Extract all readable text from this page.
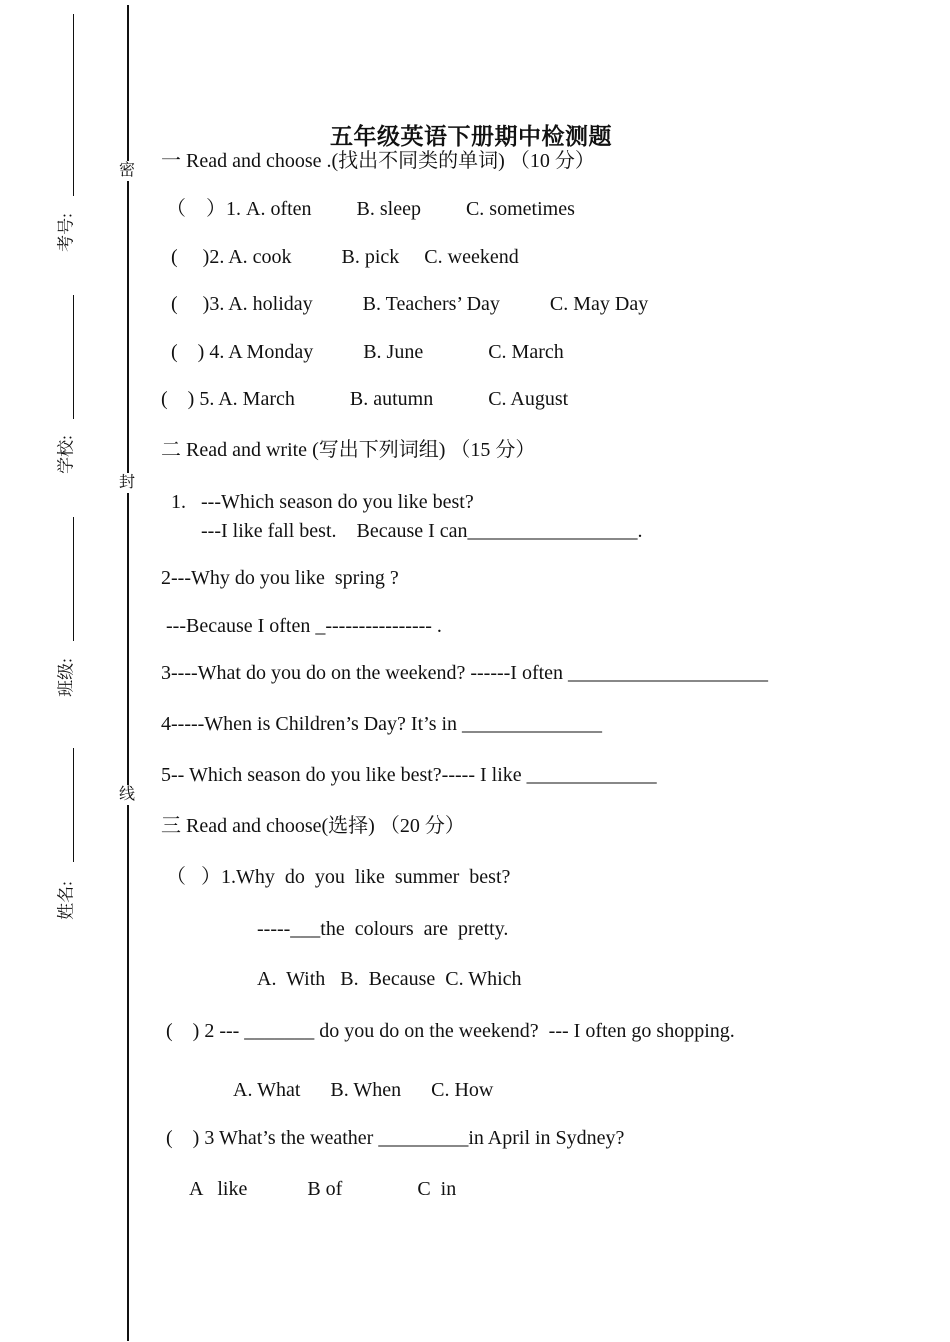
考号:
学校:
班级:
姓名:
密
封
线
五年级英语下册期中检测题
一 Read and choose .(找出不同类的单词) （10 分）
（    ）1. A. often         B. sleep         C. sometimes
(     )2. A. cook          B. pick     C. weekend
(     )3. A. holiday          B. Teachers’ Day          C. May Day
(    ) 4. A Monday          B. June             C. March
(    ) 5. A. March           B. autumn           C. August
二 Read and write (写出下列词组) （15 分）
1.   ---Which season do you like best?
---I like fall best.    Because I can_________________.
2---Why do you like  spring ?
---Because I often _---------------- .
3----What do you do on the weekend? ------I often ____________________
4-----When is Children’s Day? It’s in ______________
5-- Which season do you like best?----- I like _____________
三 Read and choose(选择) （20 分）
（   ）1.Why  do  you  like  summer  best?
-----___the  colours  are  pretty.
A.  With   B.  Because  C. Which
(    ) 2 --- _______ do you do on the weekend?  --- I often go shopping.
A. What      B. When      C. How
(    ) 3 What’s the weather _________in April in Sydney?
A   like            B of               C  in
